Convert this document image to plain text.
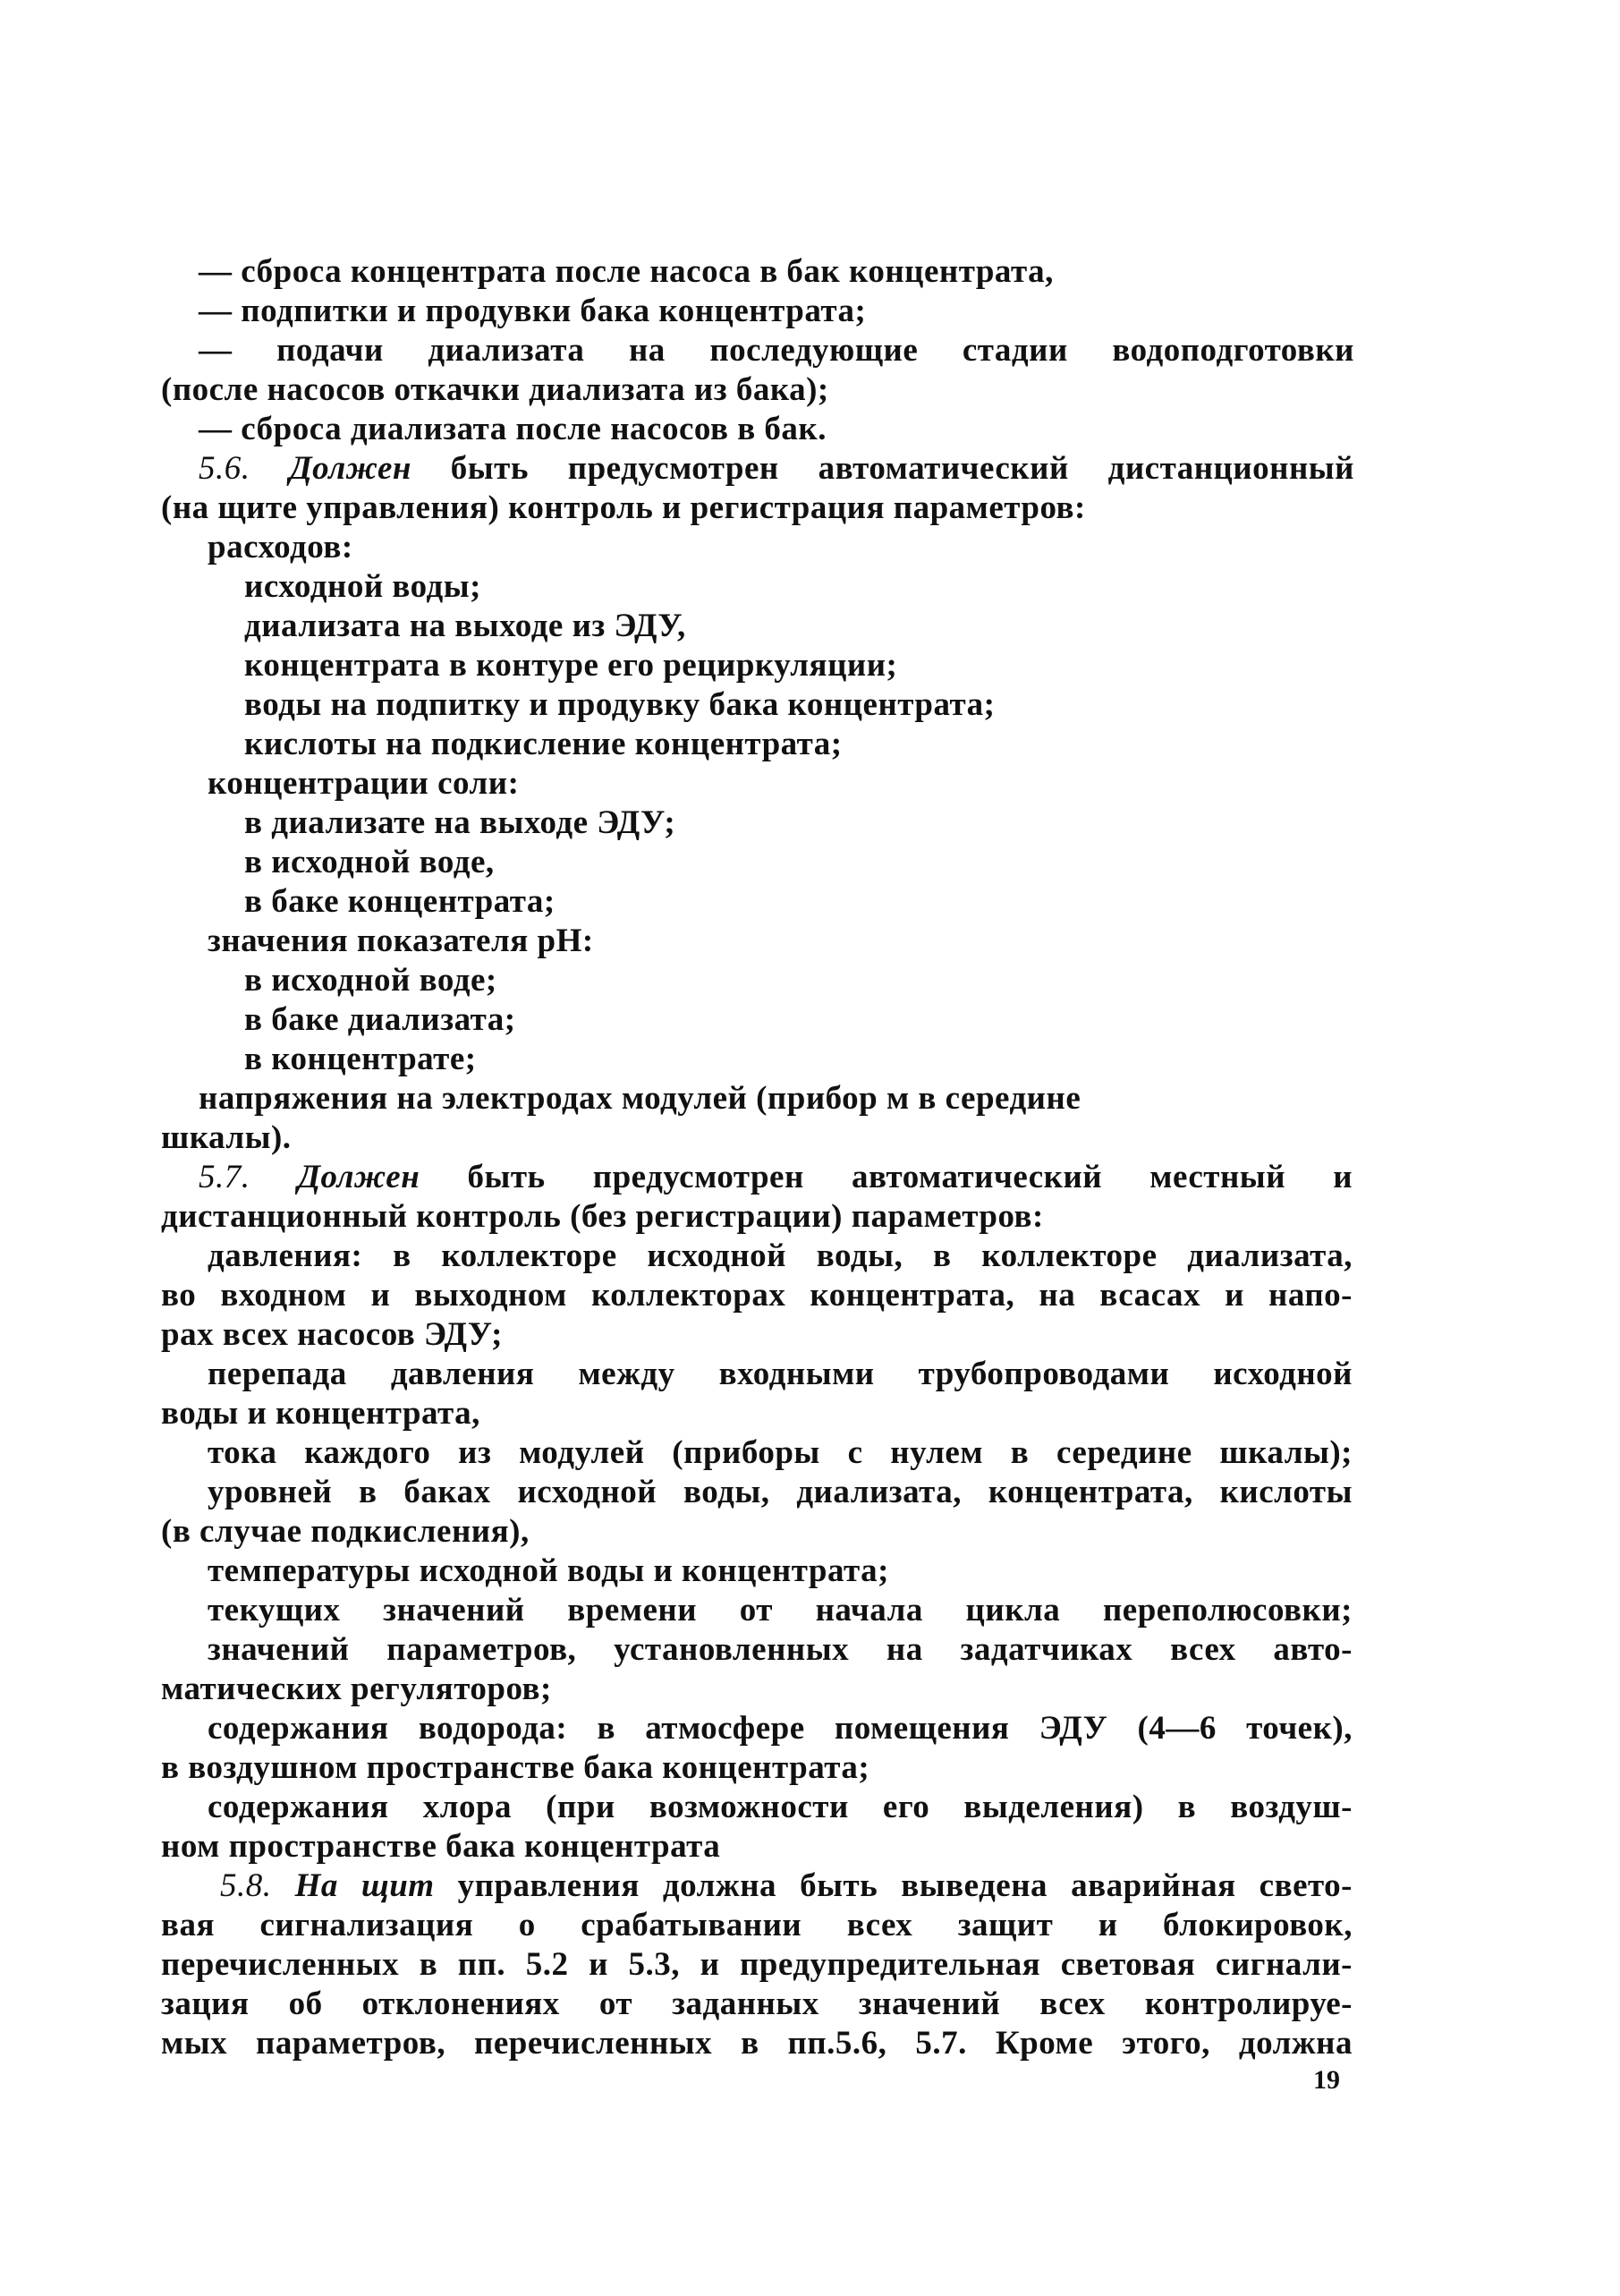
— сброса концентрата после насоса в бак концентрата,
— подпитки и продувки бака концентрата;
— подачи диализата на последующие стадии водоподготовки
(после насосов откачки диализата из бака);
— сброса диализата после насосов в бак.
5.6. Должен быть предусмотрен автоматический дистанционный
(на щите управления) контроль и регистрация параметров:
расходов:
исходной воды;
диализата на выходе из ЭДУ,
концентрата в контуре его рециркуляции;
воды на подпитку и продувку бака концентрата;
кислоты на подкисление концентрата;
концентрации соли:
в диализате на выходе ЭДУ;
в исходной воде,
в баке концентрата;
значения показателя pH:
в исходной воде;
в баке диализата;
в концентрате;
напряжения на электродах модулей (прибор м в середине
шкалы).
5.7. Должен быть предусмотрен автоматический местный и
дистанционный контроль (без регистрации) параметров:
давления: в коллекторе исходной воды, в коллекторе диализата,
во входном и выходном коллекторах концентрата, на всасах и напо-
рах всех насосов ЭДУ;
перепада давления между входными трубопроводами исходной
воды и концентрата,
тока каждого из модулей (приборы с нулем в середине шкалы);
уровней в баках исходной воды, диализата, концентрата, кислоты
(в случае подкисления),
температуры исходной воды и концентрата;
текущих значений времени от начала цикла переполюсовки;
значений параметров, установленных на задатчиках всех авто-
матических регуляторов;
содержания водорода: в атмосфере помещения ЭДУ (4—6 точек),
в воздушном пространстве бака концентрата;
содержания хлора (при возможности его выделения) в воздуш-
ном пространстве бака концентрата
5.8. На щит управления должна быть выведена аварийная свето-
вая сигнализация о срабатывании всех защит и блокировок,
перечисленных в пп. 5.2 и 5.3, и предупредительная световая сигнали-
зация об отклонениях от заданных значений всех контролируе-
мых параметров, перечисленных в пп.5.6, 5.7. Кроме этого, должна
19
